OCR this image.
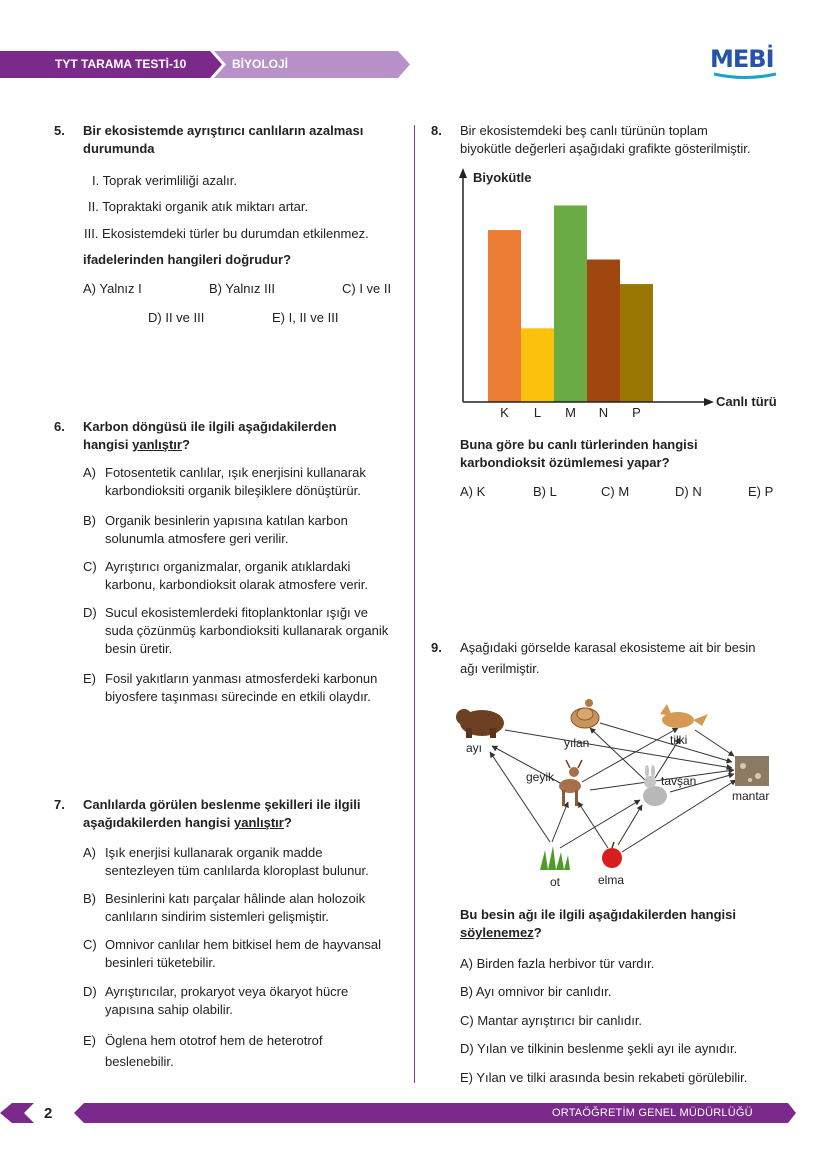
TYT TARAMA TESTİ-10	BİYOLOJİ	MEBİ
5. Bir ekosistemde ayrıştırıcı canlıların azalması
durumunda
I. Toprak verimliliği azalır.
II. Topraktaki organik atık miktarı artar.
III. Ekosistemdeki türler bu durumdan etkilenmez.
ifadelerinden hangileri doğrudur?
A) Yalnız I	B) Yalnız III	C) I ve II
D) II ve III	E) I, II ve III
6. Karbon döngüsü ile ilgili aşağıdakilerden
hangisi yanlıştır?
A) Fotosentetik canlılar, ışık enerjisini kullanarak
karbondioksiti organik bileşiklere dönüştürür.
B) Organik besinlerin yapısına katılan karbon
solunumla atmosfere geri verilir.
C) Ayrıştırıcı organizmalar, organik atıklardaki
karbonu, karbondioksit olarak atmosfere verir.
D) Sucul ekosistemlerdeki fitoplanktonlar ışığı ve
suda çözünmüş karbondioksiti kullanarak organik
besin üretir.
E) Fosil yakıtların yanması atmosferdeki karbonun
biyosfere taşınması sürecinde en etkili olaydır.
7. Canlılarda görülen beslenme şekilleri ile ilgili
aşağıdakilerden hangisi yanlıştır?
A) Işık enerjisi kullanarak organik madde
sentezleyen tüm canlılarda kloroplast bulunur.
B) Besinlerini katı parçalar hâlinde alan holozoik
canlıların sindirim sistemleri gelişmiştir.
C) Omnivor canlılar hem bitkisel hem de hayvansal
besinleri tüketebilir.
D) Ayrıştırıcılar, prokaryot veya ökaryot hücre
yapısına sahip olabilir.
E) Öglena hem ototrof hem de heterotrof
beslenebilir.
8. Bir ekosistemdeki beş canlı türünün toplam
biyokütle değerleri aşağıdaki grafikte gösterilmiştir.
Biyokütle
Canlı türü
K L M N P
Buna göre bu canlı türlerinden hangisi
karbondioksit özümlemesi yapar?
A) K	B) L	C) M	D) N	E) P
9. Aşağıdaki görselde karasal ekosisteme ait bir besin
ağı verilmiştir.
ayı	yılan	tilki
geyik	tavşan
mantar
ot	elma
Bu besin ağı ile ilgili aşağıdakilerden hangisi
söylenemez?
A) Birden fazla herbivor tür vardır.
B) Ayı omnivor bir canlıdır.
C) Mantar ayrıştırıcı bir canlıdır.
D) Yılan ve tilkinin beslenme şekli ayı ile aynıdır.
E) Yılan ve tilki arasında besin rekabeti görülebilir.
2	ORTAÖĞRETİM GENEL MÜDÜRLÜĞÜ
